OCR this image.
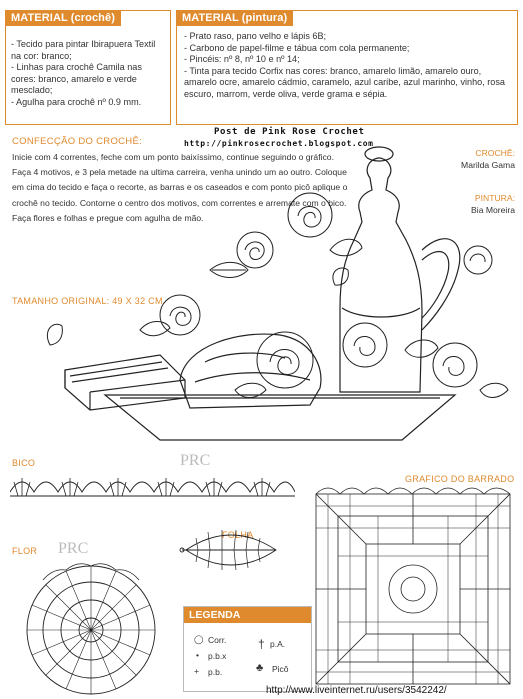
MATERIAL (crochê)
- Tecido para pintar Ibirapuera Textil na cor: branco;
- Linhas para crochê Camila nas cores: branco, amarelo e verde mesclado;
- Agulha para crochê nº 0.9 mm.
MATERIAL (pintura)
- Prato raso, pano velho e lápis 6B;
- Carbono de papel-filme e tábua com cola permanente;
- Pincéis: nº 8, nº 10 e nº 14;
- Tinta para tecido Corfix nas cores: branco, amarelo limão, amarelo ouro, amarelo ocre, amarelo cádmio, caramelo, azul caribe, azul marinho, vinho, rosa escuro, marrom, verde oliva, verde grama e sépia.
Post de Pink Rose Crochet
http://pinkrosecrochet.blogspot.com
CONFECÇÃO DO CROCHÊ:
Inicie com 4 correntes, feche com um ponto baixíssimo, continue seguindo o gráfico. Faça 4 motivos, e 3 pela metade na ultima carreira, venha unindo um ao outro. Coloque em cima do tecido e faça o recorte, as barras e os caseados e com ponto picô aplique o crochê no tecido. Contorne o centro dos motivos, com correntes e arremate com o bico. Faça flores e folhas e pregue com agulha de mão.
CROCHÊ:
Marilda Gama
PINTURA:
Bia Moreira
TAMANHO ORIGINAL: 49 X 32 CM
BICO	PRC
GRAFICO DO BARRADO
FOLHA
FLOR PRC
LEGENDA
◯ Corr.
• p.b.x
+ p.b.
† p.A.
♣ Picô
http://www.liveinternet.ru/users/3542242/
